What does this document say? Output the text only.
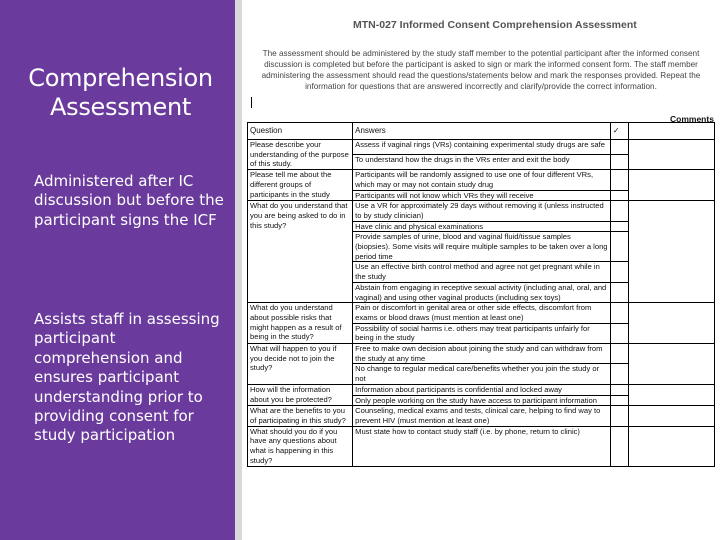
Comprehension Assessment
Administered after IC discussion but before the participant signs the ICF
Assists staff in assessing participant comprehension and ensures participant understanding prior to providing consent for study participation
MTN-027 Informed Consent Comprehension Assessment
The assessment should be administered by the study staff member to the potential participant after the informed consent discussion is completed but before the participant is asked to sign or mark the informed consent form. The staff member administering the assessment should read the questions/statements below and mark the responses provided. Repeat the information for questions that are answered incorrectly and clarify/provide the correct information.
Comments
Question	Answers	✓	
Please describe your understanding of the purpose of this study.	Assess if vaginal rings (VRs) containing experimental study drugs are safe		
	To understand how the drugs in the VRs enter and exit the body		
Please tell me about the different groups of participants in the study	Participants will be randomly assigned to use one of four different VRs, which may or may not contain study drug		
	Participants will not know which VRs they will receive		
What do you understand that you are being asked to do in this study?	Use a VR for approximately 29 days without removing it (unless instructed to by study clinician)		
	Have clinic and physical examinations		
	Provide samples of urine, blood and vaginal fluid/tissue samples (biopsies). Some visits will require multiple samples to be taken over a long period time		
	Use an effective birth control method and agree not get pregnant while in the study		
	Abstain from engaging in receptive sexual activity (including anal, oral, and vaginal) and using other vaginal products (including sex toys)		
What do you understand about possible risks that might happen as a result of being in the study?	Pain or discomfort in genital area or other side effects, discomfort from exams or blood draws (must mention at least one)		
	Possibility of social harms i.e. others may treat participants unfairly for being in the study		
What will happen to you if you decide not to join the study?	Free to make own decision about joining the study and can withdraw from the study at any time		
	No change to regular medical care/benefits whether you join the study or not		
How will the information about you be protected?	Information about participants is confidential and locked away		
	Only people working on the study have access to participant information		
What are the benefits to you of participating in this study?	Counseling, medical exams and tests, clinical care, helping to find way to prevent HIV (must mention at least one)		
What should you do if you have any questions about what is happening in this study?	Must state how to contact study staff (i.e. by phone, return to clinic)		
